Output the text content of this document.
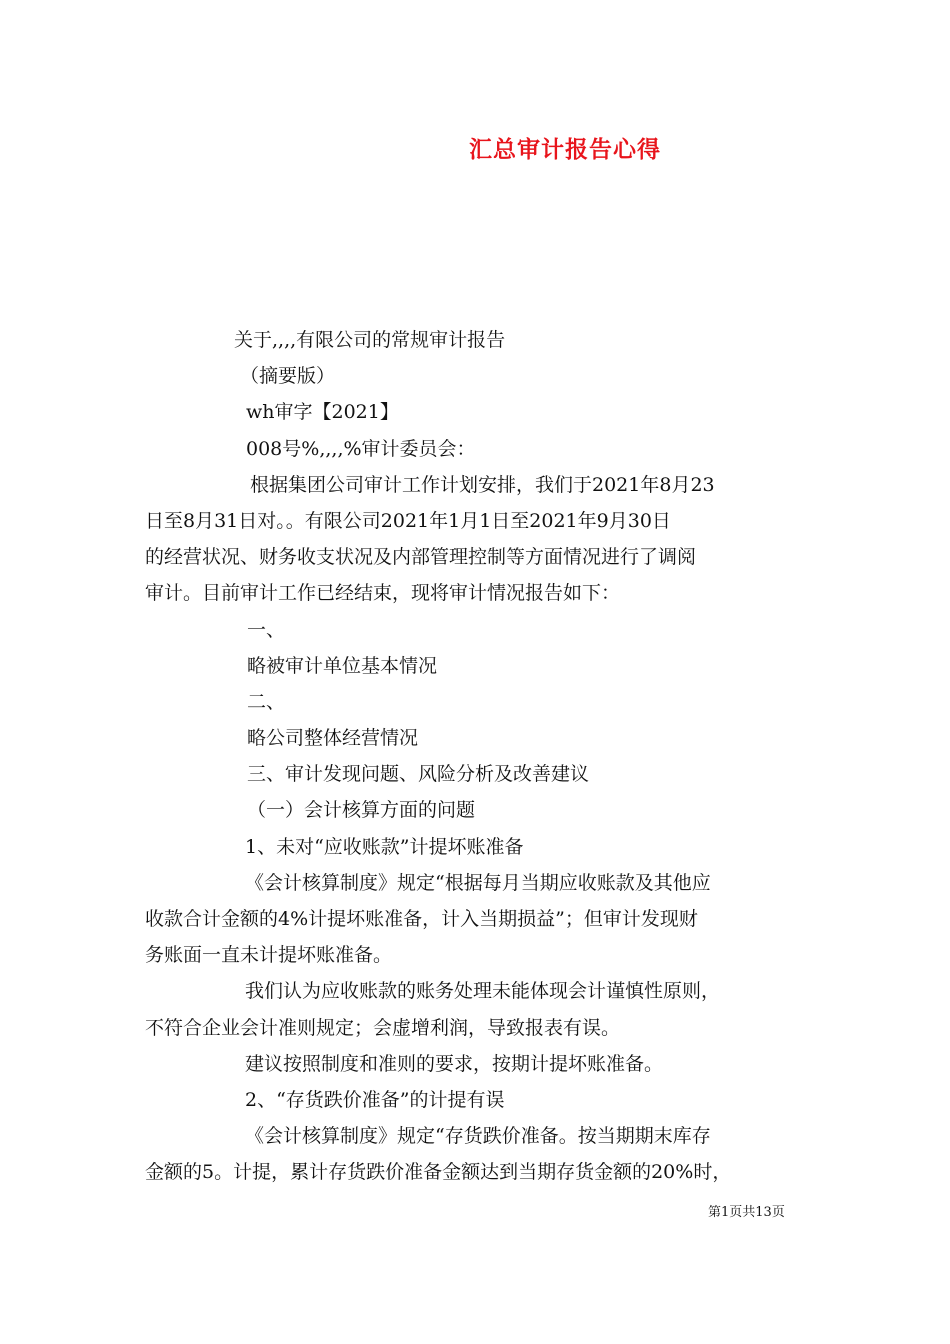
汇总审计报告心得
关于,,,,有限公司的常规审计报告
（摘要版）
wh审字【2021】
008号%,,,,%审计委员会：
根据集团公司审计工作计划安排，我们于2021年8月23
日至8月31日对。。有限公司2021年1月1日至2021年9月30日
的经营状况、财务收支状况及内部管理控制等方面情况进行了调阅
审计。目前审计工作已经结束，现将审计情况报告如下：
一、
略被审计单位基本情况
二、
略公司整体经营情况
三、审计发现问题、风险分析及改善建议
（一）会计核算方面的问题
1、未对“应收账款”计提坏账准备
《会计核算制度》规定“根据每月当期应收账款及其他应
收款合计金额的4%计提坏账准备，计入当期损益”；但审计发现财
务账面一直未计提坏账准备。
我们认为应收账款的账务处理未能体现会计谨慎性原则，
不符合企业会计准则规定；会虚增利润，导致报表有误。
建议按照制度和准则的要求，按期计提坏账准备。
2、“存货跌价准备”的计提有误
《会计核算制度》规定“存货跌价准备。按当期期末库存
金额的5。计提，累计存货跌价准备金额达到当期存货金额的20%时，
第1页共13页
